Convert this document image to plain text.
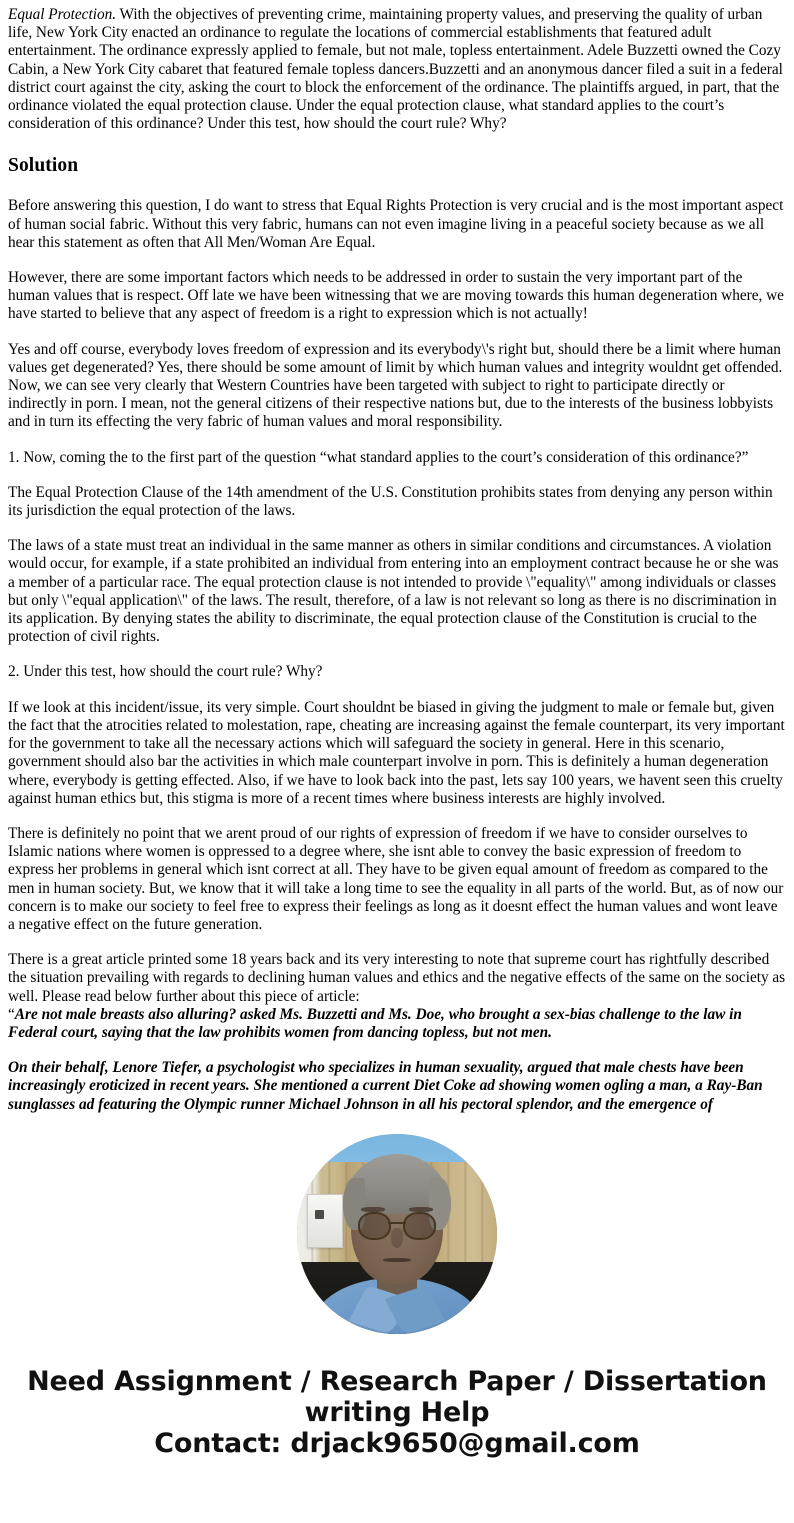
Equal Protection. With the objectives of preventing crime, maintaining property values, and preserving the quality of urban life, New York City enacted an ordinance to regulate the locations of commercial establishments that featured adult entertainment. The ordinance expressly applied to female, but not male, topless entertainment. Adele Buzzetti owned the Cozy Cabin, a New York City cabaret that featured female topless dancers.Buzzetti and an anonymous dancer filed a suit in a federal district court against the city, asking the court to block the enforcement of the ordinance. The plaintiffs argued, in part, that the ordinance violated the equal protection clause. Under the equal protection clause, what standard applies to the court’s consideration of this ordinance? Under this test, how should the court rule? Why?

Solution

Before answering this question, I do want to stress that Equal Rights Protection is very crucial and is the most important aspect of human social fabric. Without this very fabric, humans can not even imagine living in a peaceful society because as we all hear this statement as often that All Men/Woman Are Equal.

However, there are some important factors which needs to be addressed in order to sustain the very important part of the human values that is respect. Off late we have been witnessing that we are moving towards this human degeneration where, we have started to believe that any aspect of freedom is a right to expression which is not actually!

Yes and off course, everybody loves freedom of expression and its everybody\'s right but, should there be a limit where human values get degenerated? Yes, there should be some amount of limit by which human values and integrity wouldnt get offended. Now, we can see very clearly that Western Countries have been targeted with subject to right to participate directly or indirectly in porn. I mean, not the general citizens of their respective nations but, due to the interests of the business lobbyists and in turn its effecting the very fabric of human values and moral responsibility.

1. Now, coming the to the first part of the question “what standard applies to the court’s consideration of this ordinance?”

The Equal Protection Clause of the 14th amendment of the U.S. Constitution prohibits states from denying any person within its jurisdiction the equal protection of the laws.

The laws of a state must treat an individual in the same manner as others in similar conditions and circumstances. A violation would occur, for example, if a state prohibited an individual from entering into an employment contract because he or she was a member of a particular race. The equal protection clause is not intended to provide \"equality\" among individuals or classes but only \"equal application\" of the laws. The result, therefore, of a law is not relevant so long as there is no discrimination in its application. By denying states the ability to discriminate, the equal protection clause of the Constitution is crucial to the protection of civil rights.

2. Under this test, how should the court rule? Why?

If we look at this incident/issue, its very simple. Court shouldnt be biased in giving the judgment to male or female but, given the fact that the atrocities related to molestation, rape, cheating are increasing against the female counterpart, its very important for the government to take all the necessary actions which will safeguard the society in general. Here in this scenario, government should also bar the activities in which male counterpart involve in porn. This is definitely a human degeneration where, everybody is getting effected. Also, if we have to look back into the past, lets say 100 years, we havent seen this cruelty against human ethics but, this stigma is more of a recent times where business interests are highly involved.

There is definitely no point that we arent proud of our rights of expression of freedom if we have to consider ourselves to Islamic nations where women is oppressed to a degree where, she isnt able to convey the basic expression of freedom to express her problems in general which isnt correct at all. They have to be given equal amount of freedom as compared to the men in human society. But, we know that it will take a long time to see the equality in all parts of the world. But, as of now our concern is to make our society to feel free to express their feelings as long as it doesnt effect the human values and wont leave a negative effect on the future generation.

There is a great article printed some 18 years back and its very interesting to note that supreme court has rightfully described the situation prevailing with regards to declining human values and ethics and the negative effects of the same on the society as well. Please read below further about this piece of article:

“Are not male breasts also alluring? asked Ms. Buzzetti and Ms. Doe, who brought a sex-bias challenge to the law in Federal court, saying that the law prohibits women from dancing topless, but not men.

On their behalf, Lenore Tiefer, a psychologist who specializes in human sexuality, argued that male chests have been increasingly eroticized in recent years. She mentioned a current Diet Coke ad showing women ogling a man, a Ray-Ban sunglasses ad featuring the Olympic runner Michael Johnson in all his pectoral splendor, and the emergence of

Need Assignment / Research Paper / Dissertation
writing Help
Contact: drjack9650@gmail.com
